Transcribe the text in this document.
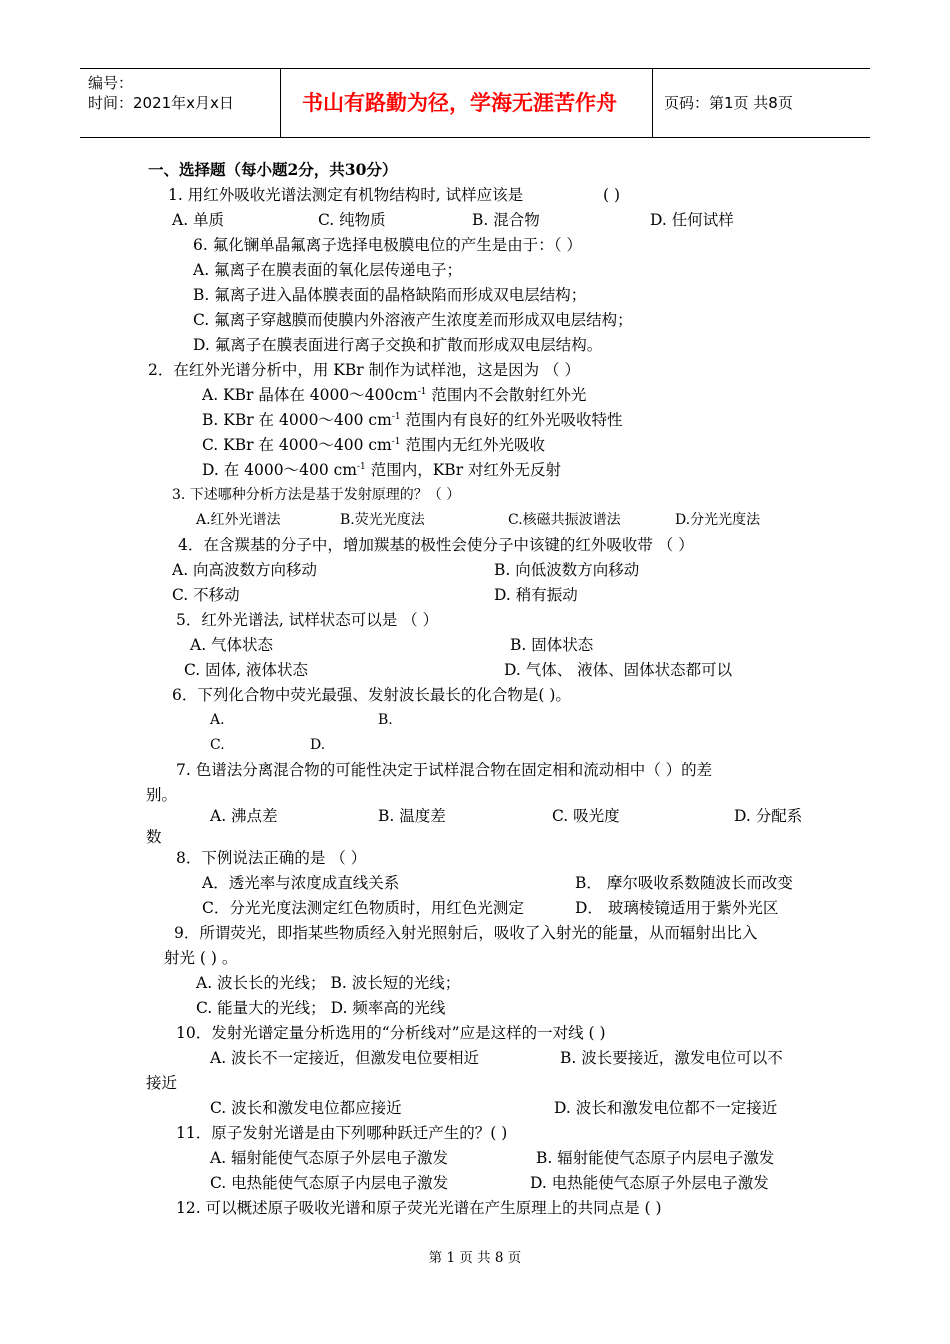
编号：
时间：2021年x月x日	书山有路勤为径，学海无涯苦作舟	页码：第1页 共8页
一、选择题（每小题2分，共30分）
1. 用红外吸收光谱法测定有机物结构时, 试样应该是	( )
A. 单质	C. 纯物质	B. 混合物	D. 任何试样
6. 氟化镧单晶氟离子选择电极膜电位的产生是由于：（ ）
A. 氟离子在膜表面的氧化层传递电子；
B. 氟离子进入晶体膜表面的晶格缺陷而形成双电层结构；
C. 氟离子穿越膜而使膜内外溶液产生浓度差而形成双电层结构；
D. 氟离子在膜表面进行离子交换和扩散而形成双电层结构。
2．在红外光谱分析中，用 KBr 制作为试样池，这是因为 （ ）
A. KBr 晶体在 $4000\sim 400cm^{-1}$ 范围内不会散射红外光
B. KBr 在 4000～400 $cm^{-1}$ 范围内有良好的红外光吸收特性
C. KBr 在 4000～400 $cm^{-1}$ 范围内无红外光吸收
D. 在 4000～400 $cm^{-1}$ 范围内，KBr 对红外无反射
3. 下述哪种分析方法是基于发射原理的？（ ）
A.红外光谱法	B.荧光光度法	C.核磁共振波谱法	D.分光光度法
4．在含羰基的分子中，增加羰基的极性会使分子中该键的红外吸收带 （ ）
A. 向高波数方向移动	B. 向低波数方向移动
C. 不移动	D. 稍有振动
5．红外光谱法, 试样状态可以是 （ ）
A. 气体状态	B. 固体状态
C. 固体, 液体状态	D. 气体、 液体、固体状态都可以
6．下列化合物中荧光最强、发射波长最长的化合物是( )。
A.	B.
C.	D.
7. 色谱法分离混合物的可能性决定于试样混合物在固定相和流动相中（ ）的差
别。
A. 沸点差	B. 温度差	C. 吸光度	D. 分配系
数
8．下例说法正确的是 （ ）
A．透光率与浓度成直线关系	B． 摩尔吸收系数随波长而改变
C．分光光度法测定红色物质时，用红色光测定	D． 玻璃棱镜适用于紫外光区
9．所谓荧光，即指某些物质经入射光照射后，吸收了入射光的能量，从而辐射出比入
射光 ( ) 。
A. 波长长的光线； B. 波长短的光线；
C. 能量大的光线； D. 频率高的光线
10．发射光谱定量分析选用的“分析线对”应是这样的一对线 ( )
A. 波长不一定接近，但激发电位要相近	B. 波长要接近，激发电位可以不
接近
C. 波长和激发电位都应接近	D. 波长和激发电位都不一定接近
11．原子发射光谱是由下列哪种跃迁产生的？( )
A. 辐射能使气态原子外层电子激发	B. 辐射能使气态原子内层电子激发
C. 电热能使气态原子内层电子激发	D. 电热能使气态原子外层电子激发
12. 可以概述原子吸收光谱和原子荧光光谱在产生原理上的共同点是 ( )
第 1 页 共 8 页
